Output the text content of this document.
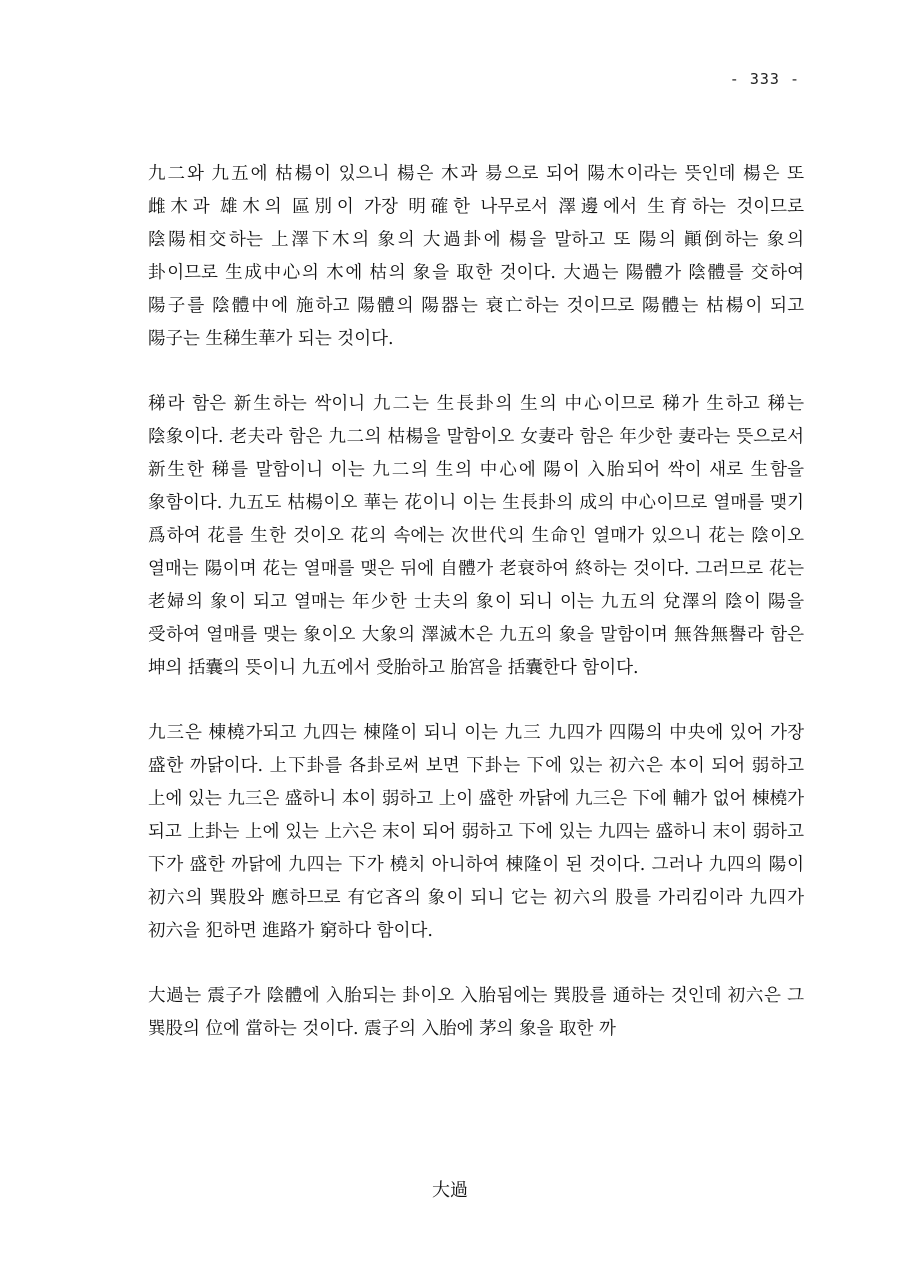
- 333 -

九二와 九五에 枯楊이 있으니 楊은 木과 昜으로 되어 陽木이라는 뜻인데 楊은 또 雌木과 雄木의 區別이 가장 明確한 나무로서 澤邊에서 生育하는 것이므로 陰陽相交하는 上澤下木의 象의 大過卦에 楊을 말하고 또 陽의 顚倒하는 象의 卦이므로 生成中心의 木에 枯의 象을 取한 것이다. 大過는 陽體가 陰體를 交하여 陽子를 陰體中에 施하고 陽體의 陽器는 衰亡하는 것이므로 陽體는 枯楊이 되고 陽子는 生稊生華가 되는 것이다.

稊라 함은 新生하는 싹이니 九二는 生長卦의 生의 中心이므로 稊가 生하고 稊는 陰象이다. 老夫라 함은 九二의 枯楊을 말함이오 女妻라 함은 年少한 妻라는 뜻으로서 新生한 稊를 말함이니 이는 九二의 生의 中心에 陽이 入胎되어 싹이 새로 生함을 象함이다. 九五도 枯楊이오 華는 花이니 이는 生長卦의 成의 中心이므로 열매를 맺기 爲하여 花를 生한 것이오 花의 속에는 次世代의 生命인 열매가 있으니 花는 陰이오 열매는 陽이며 花는 열매를 맺은 뒤에 自體가 老衰하여 終하는 것이다. 그러므로 花는 老婦의 象이 되고 열매는 年少한 士夫의 象이 되니 이는 九五의 兌澤의 陰이 陽을 受하여 열매를 맺는 象이오 大象의 澤滅木은 九五의 象을 말함이며 無咎無譽라 함은 坤의 括囊의 뜻이니 九五에서 受胎하고 胎宮을 括囊한다 함이다.

九三은 棟橈가되고 九四는 棟隆이 되니 이는 九三 九四가 四陽의 中央에 있어 가장 盛한 까닭이다. 上下卦를 各卦로써 보면 下卦는 下에 있는 初六은 本이 되어 弱하고 上에 있는 九三은 盛하니 本이 弱하고 上이 盛한 까닭에 九三은 下에 輔가 없어 棟橈가 되고 上卦는 上에 있는 上六은 末이 되어 弱하고 下에 있는 九四는 盛하니 末이 弱하고 下가 盛한 까닭에 九四는 下가 橈치 아니하여 棟隆이 된 것이다. 그러나 九四의 陽이 初六의 巽股와 應하므로 有它吝의 象이 되니 它는 初六의 股를 가리킴이라 九四가 初六을 犯하면 進路가 窮하다 함이다.

大過는 震子가 陰體에 入胎되는 卦이오 入胎됨에는 巽股를 通하는 것인데 初六은 그 巽股의 位에 當하는 것이다. 震子의 入胎에 茅의 象을 取한 까

大過
